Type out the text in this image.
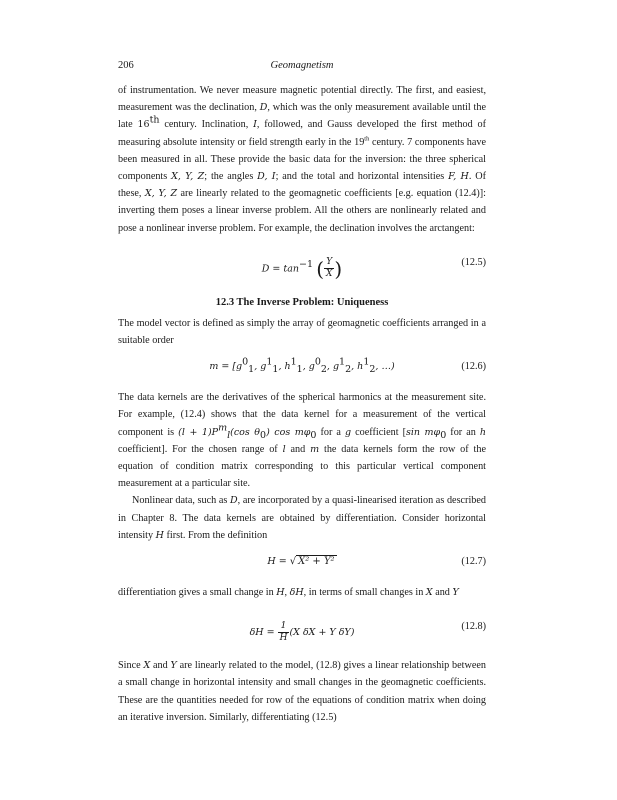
206	Geomagnetism

of instrumentation. We never measure magnetic potential directly. The first, and easiest, measurement was the declination, D, which was the only measurement available until the late 16th century. Inclination, I, followed, and Gauss developed the first method of measuring absolute intensity or field strength early in the 19th century. 7 components have been measured in all. These provide the basic data for the inversion: the three spherical components X, Y, Z; the angles D, I; and the total and horizontal intensities F, H. Of these, X, Y, Z are linearly related to the geomagnetic coefficients [e.g. equation (12.4)]: inverting them poses a linear inverse problem. All the others are nonlinearly related and pose a nonlinear inverse problem. For example, the declination involves the arctangent:

$D = \tan^{-1}$ ( $\frac{Y}{X}$ )	(12.5)
12.3 The Inverse Problem: Uniqueness

The model vector is defined as simply the array of geomagnetic coefficients arranged in a suitable order

$m = [g^0_1$, $g^1_1$, $h^1_1$, $g^0_2$, $g^1_2$, $h^1_2$, …)	(12.6)

The data kernels are the derivatives of the spherical harmonics at the measurement site. For example, (12.4) shows that the data kernel for a measurement of the vertical component is $(l + 1)P^m_l(\cos$ $\theta_0$) $\cos m\varphi_0$ for a g coefficient [sin $m\varphi_0$ for an h coefficient]. For the chosen range of l and m the data kernels form the row of the equation of condition matrix corresponding to this particular vertical component measurement at a particular site.

Nonlinear data, such as D, are incorporated by a quasi-linearised iteration as described in Chapter 8. The data kernels are obtained by differentiation. Consider horizontal intensity H first. From the definition

H = √ X² + Y²	(12.7)

differentiation gives a small change in H, δH, in terms of small changes in X and Y

$\delta H = \frac{1}{H} (X$ δX + Y δY)
(12.8)

Since X and Y are linearly related to the model, (12.8) gives a linear relationship between a small change in horizontal intensity and small changes in the geomagnetic coefficients. These are the quantities needed for row of the equations of condition matrix when doing an iterative inversion. Similarly, differentiating (12.5)
